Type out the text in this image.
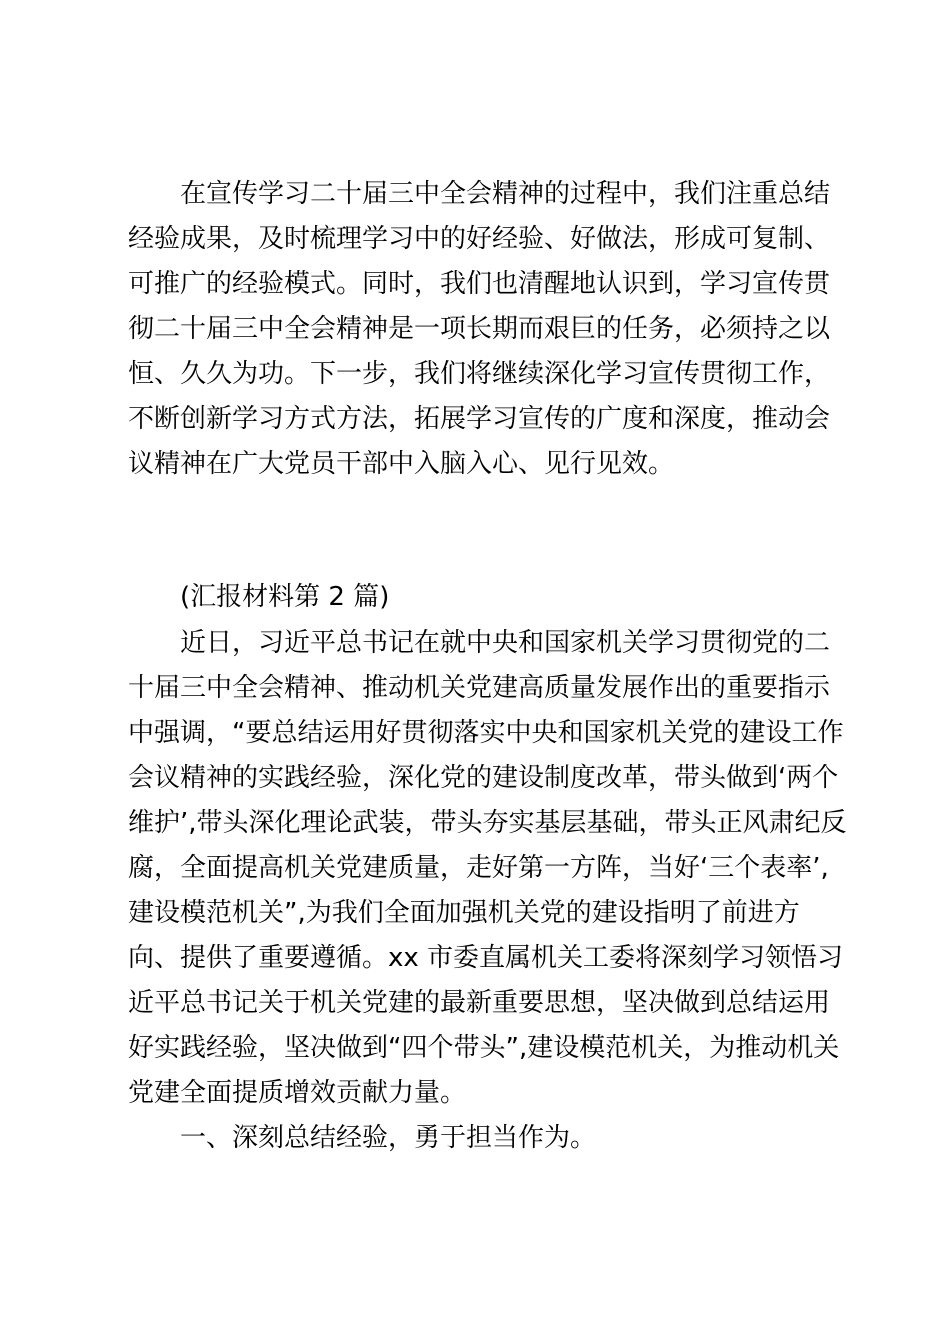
在宣传学习二十届三中全会精神的过程中，我们注重总结
经验成果，及时梳理学习中的好经验、好做法，形成可复制、
可推广的经验模式。同时，我们也清醒地认识到，学习宣传贯
彻二十届三中全会精神是一项长期而艰巨的任务，必须持之以
恒、久久为功。下一步，我们将继续深化学习宣传贯彻工作，
不断创新学习方式方法，拓展学习宣传的广度和深度，推动会
议精神在广大党员干部中入脑入心、见行见效。
(汇报材料第 2 篇)
近日，习近平总书记在就中央和国家机关学习贯彻党的二
十届三中全会精神、推动机关党建高质量发展作出的重要指示
中强调，“要总结运用好贯彻落实中央和国家机关党的建设工作
会议精神的实践经验，深化党的建设制度改革，带头做到‘两个
维护’,带头深化理论武装，带头夯实基层基础，带头正风肃纪反
腐，全面提高机关党建质量，走好第一方阵，当好‘三个表率’,
建设模范机关”,为我们全面加强机关党的建设指明了前进方
向、提供了重要遵循。xx 市委直属机关工委将深刻学习领悟习
近平总书记关于机关党建的最新重要思想，坚决做到总结运用
好实践经验，坚决做到“四个带头”,建设模范机关，为推动机关
党建全面提质增效贡献力量。
一、深刻总结经验，勇于担当作为。
